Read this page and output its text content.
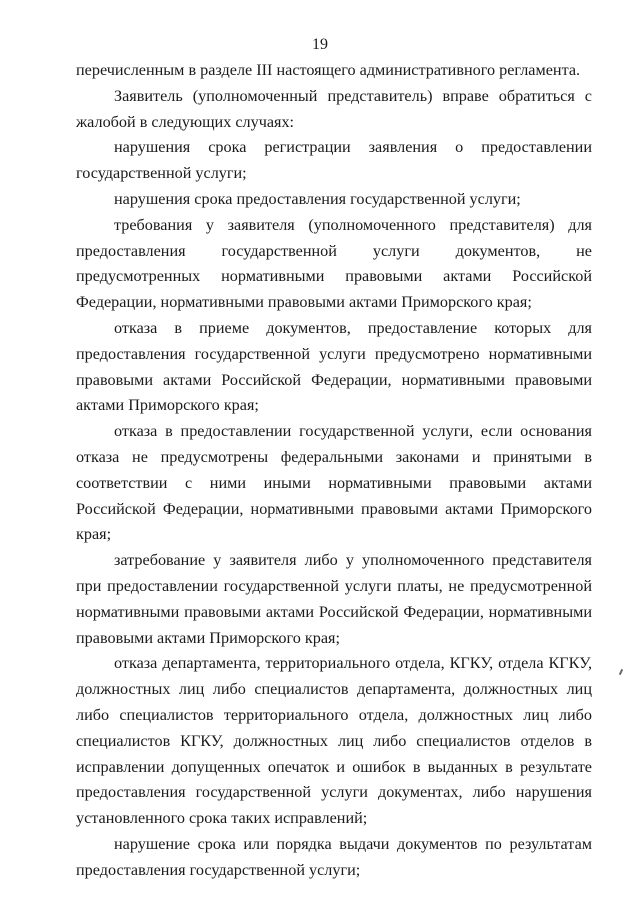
19

перечисленным в разделе III настоящего административного регламента.

Заявитель (уполномоченный представитель) вправе обратиться с жалобой в следующих случаях:

нарушения срока регистрации заявления о предоставлении государственной услуги;

нарушения срока предоставления государственной услуги;

требования у заявителя (уполномоченного представителя) для предоставления государственной услуги документов, не предусмотренных нормативными правовыми актами Российской Федерации, нормативными правовыми актами Приморского края;

отказа в приеме документов, предоставление которых для предоставления государственной услуги предусмотрено нормативными правовыми актами Российской Федерации, нормативными правовыми актами Приморского края;

отказа в предоставлении государственной услуги, если основания отказа не предусмотрены федеральными законами и принятыми в соответствии с ними иными нормативными правовыми актами Российской Федерации, нормативными правовыми актами Приморского края;

затребование у заявителя либо у уполномоченного представителя при предоставлении государственной услуги платы, не предусмотренной нормативными правовыми актами Российской Федерации, нормативными правовыми актами Приморского края;

отказа департамента, территориального отдела, КГКУ, отдела КГКУ, должностных лиц либо специалистов департамента, должностных лиц либо специалистов территориального отдела, должностных лиц либо специалистов КГКУ, должностных лиц либо специалистов отделов в исправлении допущенных опечаток и ошибок в выданных в результате предоставления государственной услуги документах, либо нарушения установленного срока таких исправлений;

нарушение срока или порядка выдачи документов по результатам предоставления государственной услуги;
